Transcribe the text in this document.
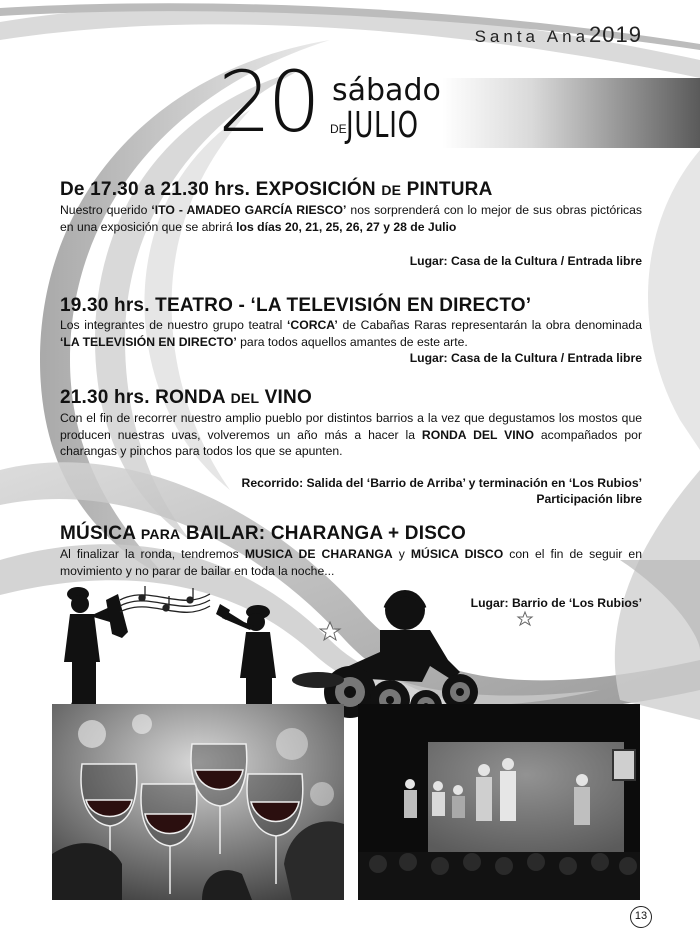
Santa Ana2019
20 sábado
DE JULIO
De 17.30 a 21.30 hrs. EXPOSICIÓN DE PINTURA

Nuestro querido ‘ITO - AMADEO GARCÍA RIESCO’ nos sorprenderá con lo mejor de sus obras pictóricas en una exposición que se abrirá los días 20, 21, 25, 26, 27 y 28 de Julio

Lugar: Casa de la Cultura / Entrada libre

19.30 hrs. TEATRO - ‘LA TELEVISIÓN EN DIRECTO’

Los integrantes de nuestro grupo teatral ‘CORCA’ de Cabañas Raras representarán la obra denominada ‘LA TELEVISIÓN EN DIRECTO’ para todos aquellos amantes de este arte.

Lugar: Casa de la Cultura / Entrada libre

21.30 hrs. RONDA DEL VINO

Con el fin de recorrer nuestro amplio pueblo por distintos barrios a la vez que degustamos los mostos que producen nuestras uvas, volveremos un año más a hacer la RONDA DEL VINO acompañados por charangas y pinchos para todos los que se apunten.

Recorrido: Salida del ‘Barrio de Arriba’ y terminación en ‘Los Rubios’

Participación libre

MÚSICA PARA BAILAR: CHARANGA + DISCO

Al finalizar la ronda, tendremos MUSICA DE CHARANGA y MÚSICA DISCO con el fin de seguir en movimiento y no parar de bailar en toda la noche...

Lugar: Barrio de ‘Los Rubios’

13
